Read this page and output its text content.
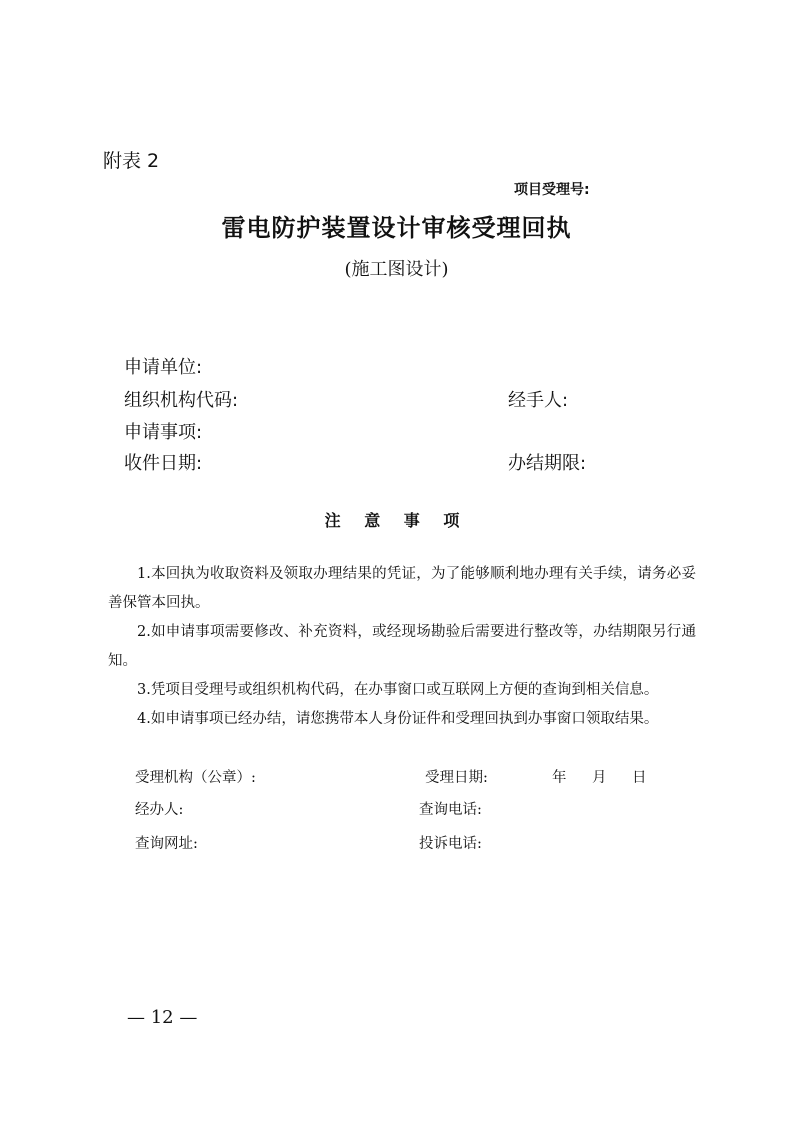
附表 2
项目受理号:
雷电防护装置设计审核受理回执
(施工图设计)
申请单位:
组织机构代码:	经手人:
申请事项:
收件日期:	办结期限:
注 意 事 项
1.本回执为收取资料及领取办理结果的凭证，为了能够顺利地办理有关手续，请务必妥善保管本回执。
2.如申请事项需要修改、补充资料，或经现场勘验后需要进行整改等，办结期限另行通知。
3.凭项目受理号或组织机构代码，在办事窗口或互联网上方便的查询到相关信息。
4.如申请事项已经办结，请您携带本人身份证件和受理回执到办事窗口领取结果。
受理机构（公章）:	受理日期:	年 月 日
经办人:	查询电话:
查询网址:	投诉电话:
— 12 —
